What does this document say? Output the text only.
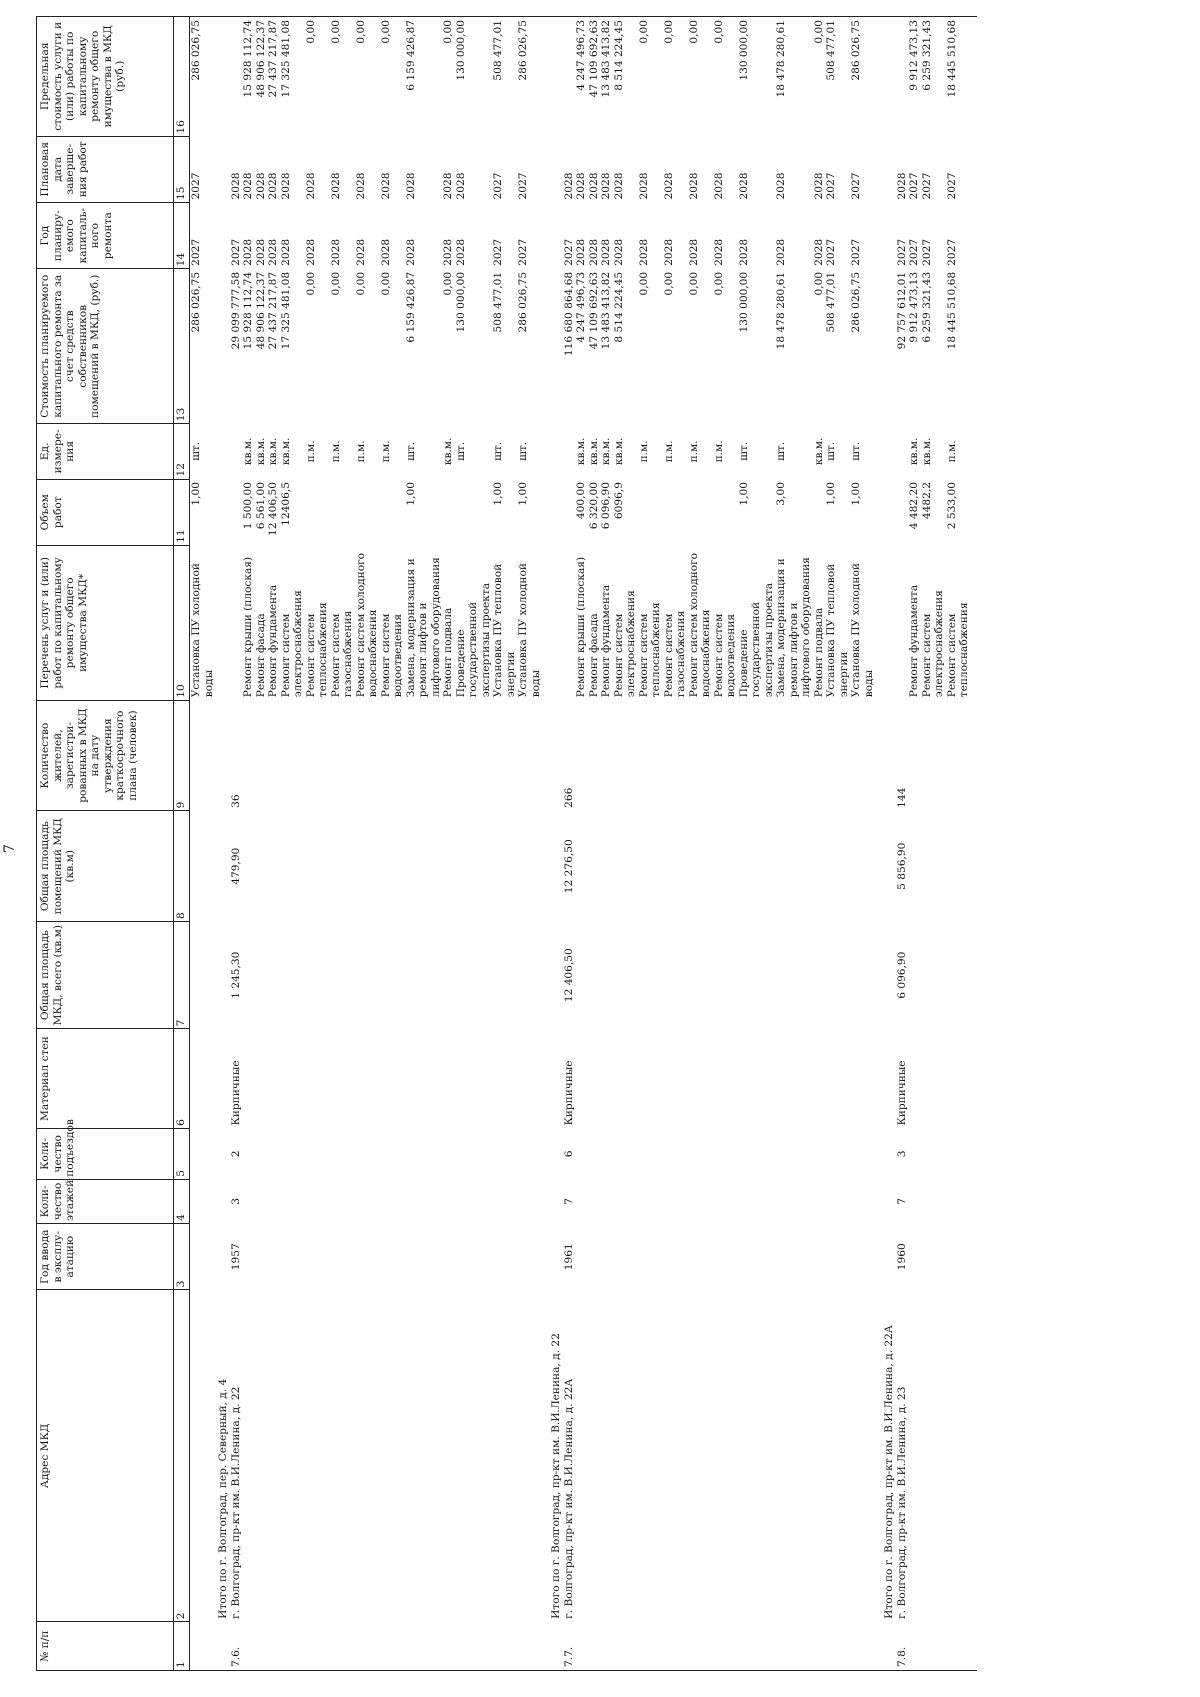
7
№ п/п	Адрес МКД	Год ввода в эксплу-атацию	Коли-чество этажей	Коли-чество подъездов	Материал стен	Общая площадь МКД, всего (кв.м)	Общая площадь помещений МКД (кв.м)	Количество жителей, зарегистри-рованных в МКД на дату утверждения краткосрочного плана (человек)	Перечень услуг и (или) работ по капитальному ремонту общего имущества МКД*	Объем работ	Ед. измере-ния	Стоимость планируемого капитального ремонта за счет средств собственников помещений в МКД, (руб.)	Год планиру-емого капиталь-ного ремонта	Плановая дата заверше-ния работ	Предельная стоимость услуги и (или) работы по капитальному ремонту общего имущества в МКД (руб.)
1	2	3	4	5	6	7	8	9	10	11	12	13	14	15	16
									Установка ПУ холодной воды	1,00	шт.	286 026,75	2027	2027	286 026,75
	Итого по г. Волгоград, пер. Северный, д. 4														
7.6.	г. Волгоград, пр-кт им. В.И.Ленина, д. 22	1957	3	2	Кирпичные	1 245,30	479,90	36				29 099 777,58	2027	2028	
									Ремонт крыши (плоская)	1 500,00	кв.м.	15 928 112,74	2028	2028	15 928 112,74
									Ремонт фасада	6 561,00	кв.м.	48 906 122,37	2028	2028	48 906 122,37
									Ремонт фундамента	12 406,50	кв.м.	27 437 217,87	2028	2028	27 437 217,87
									Ремонт систем электроснабжения	12406,5	кв.м.	17 325 481,08	2028	2028	17 325 481,08
									Ремонт систем теплоснабжения		п.м.	0,00	2028	2028	0,00
									Ремонт систем газоснабжения		п.м.	0,00	2028	2028	0,00
									Ремонт систем холодного водоснабжения		п.м.	0,00	2028	2028	0,00
									Ремонт систем водоотведения		п.м.	0,00	2028	2028	0,00
									Замена, модернизация и ремонт лифтов и лифтового оборудования	1,00	шт.	6 159 426,87	2028	2028	6 159 426,87
									Ремонт подвала		кв.м.	0,00	2028	2028	0,00
									Проведение государственной экспертизы проекта		шт.	130 000,00	2028	2028	130 000,00
									Установка ПУ тепловой энергии	1,00	шт.	508 477,01	2027	2027	508 477,01
									Установка ПУ холодной воды	1,00	шт.	286 026,75	2027	2027	286 026,75

	Итого по г. Волгоград, пр-кт им. В.И.Ленина, д. 22														
7.7.	г. Волгоград, пр-кт им. В.И.Ленина, д. 22А	1961	7	6	Кирпичные	12 406,50	12 276,50	266				116 680 864,68	2027	2028	
									Ремонт крыши (плоская)	400,00	кв.м.	4 247 496,73	2028	2028	4 247 496,73
									Ремонт фасада	6 320,00	кв.м.	47 109 692,63	2028	2028	47 109 692,63
									Ремонт фундамента	6 096,90	кв.м.	13 483 413,82	2028	2028	13 483 413,82
									Ремонт систем электроснабжения	6096,9	кв.м.	8 514 224,45	2028	2028	8 514 224,45
									Ремонт систем теплоснабжения		п.м.	0,00	2028	2028	0,00
									Ремонт систем газоснабжения		п.м.	0,00	2028	2028	0,00
									Ремонт систем холодного водоснабжения		п.м.	0,00	2028	2028	0,00
									Ремонт систем водоотведения		п.м.	0,00	2028	2028	0,00
									Проведение государственной экспертизы проекта	1,00	шт.	130 000,00	2028	2028	130 000,00
									Замена, модернизация и ремонт лифтов и лифтового оборудования	3,00	шт.	18 478 280,61	2028	2028	18 478 280,61
									Ремонт подвала		кв.м.	0,00	2028	2028	0,00
									Установка ПУ тепловой энергии	1,00	шт.	508 477,01	2027	2027	508 477,01
									Установка ПУ холодной воды	1,00	шт.	286 026,75	2027	2027	286 026,75

	Итого по г. Волгоград, пр-кт им. В.И.Ленина, д. 22А														
7.8.	г. Волгоград, пр-кт им. В.И.Ленина, д. 23	1960	7	3	Кирпичные	6 096,90	5 856,90	144				92 757 612,01	2027	2028	
									Ремонт фундамента	4 482,20	кв.м.	9 912 473,13	2027	2027	9 912 473,13
									Ремонт систем электроснабжения	4482,2	кв.м.	6 259 321,43	2027	2027	6 259 321,43
									Ремонт систем теплоснабжения	2 533,00	п.м.	18 445 510,68	2027	2027	18 445 510,68
